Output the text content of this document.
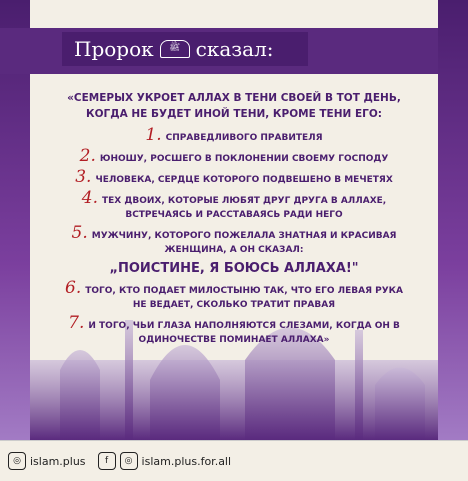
Пророк	ﷺ сказал:
«СЕМЕРЫХ УКРОЕТ АЛЛАХ В ТЕНИ СВОЕЙ В ТОТ ДЕНЬ, КОГДА НЕ БУДЕТ ИНОЙ ТЕНИ, КРОМЕ ТЕНИ ЕГО:
1. СПРАВЕДЛИВОГО ПРАВИТЕЛЯ
2. ЮНОШУ, РОСШЕГО В ПОКЛОНЕНИИ СВОЕМУ ГОСПОДУ
3. ЧЕЛОВЕКА, СЕРДЦЕ КОТОРОГО ПОДВЕШЕНО В МЕЧЕТЯХ
4. ТЕХ ДВОИХ, КОТОРЫЕ ЛЮБЯТ ДРУГ ДРУГА В АЛЛАХЕ, ВСТРЕЧАЯСЬ И РАССТАВАЯСЬ РАДИ НЕГО
5. МУЖЧИНУ, КОТОРОГО ПОЖЕЛАЛА ЗНАТНАЯ И КРАСИВАЯ ЖЕНЩИНА, А ОН СКАЗАЛ:
„ПОИСТИНЕ, Я БОЮСЬ АЛЛАХА!"
6. ТОГО, КТО ПОДАЕТ МИЛОСТЫНЮ ТАК, ЧТО ЕГО ЛЕВАЯ РУКА НЕ ВЕДАЕТ, СКОЛЬКО ТРАТИТ ПРАВАЯ
7. И ТОГО, ЧЬИ ГЛАЗА НАПОЛНЯЮТСЯ СЛЕЗАМИ, КОГДА ОН В ОДИНОЧЕСТВЕ ПОМИНАЕТ АЛЛАХА»
◎ islam.plus	f	◎ islam.plus.for.all
